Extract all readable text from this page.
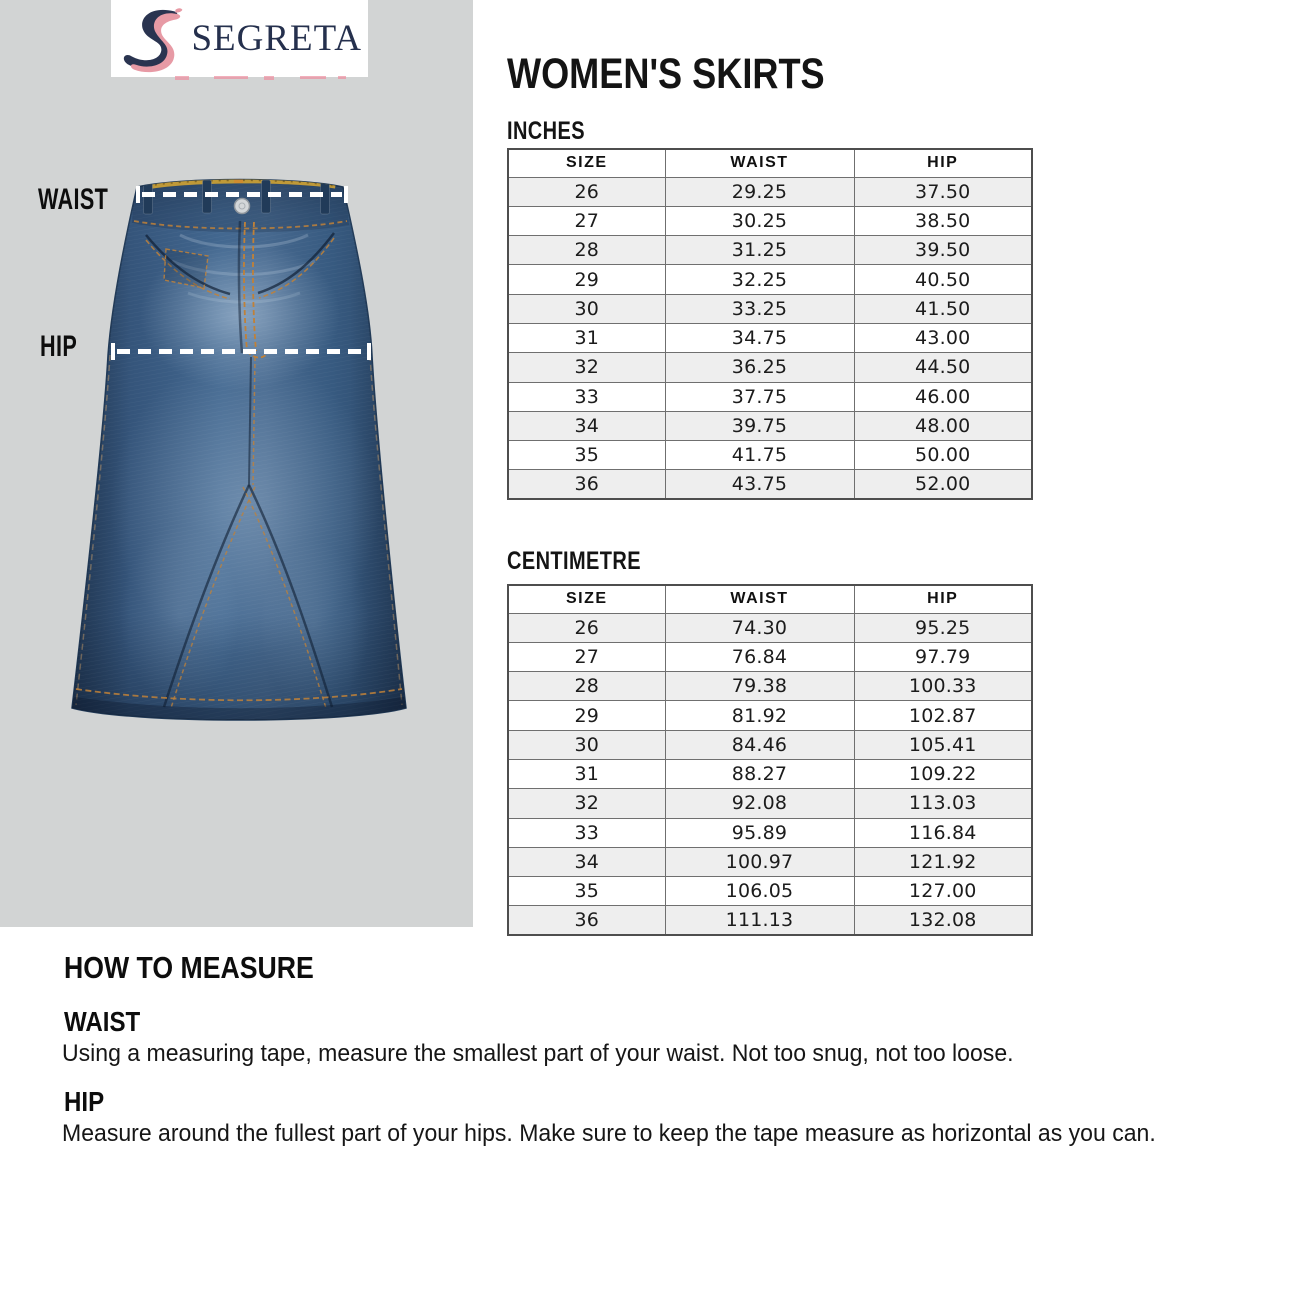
WAIST
HIP
SEGRETA
WOMEN'S SKIRTS
INCHES
SIZE	WAIST	HIP
26	29.25	37.50
27	30.25	38.50
28	31.25	39.50
29	32.25	40.50
30	33.25	41.50
31	34.75	43.00
32	36.25	44.50
33	37.75	46.00
34	39.75	48.00
35	41.75	50.00
36	43.75	52.00
CENTIMETRE
SIZE	WAIST	HIP
26	74.30	95.25
27	76.84	97.79
28	79.38	100.33
29	81.92	102.87
30	84.46	105.41
31	88.27	109.22
32	92.08	113.03
33	95.89	116.84
34	100.97	121.92
35	106.05	127.00
36	111.13	132.08
HOW TO MEASURE
WAIST
Using a measuring tape, measure the smallest part of your waist. Not too snug, not too loose.
HIP
Measure around the fullest part of your hips. Make sure to keep the tape measure as horizontal as you can.
